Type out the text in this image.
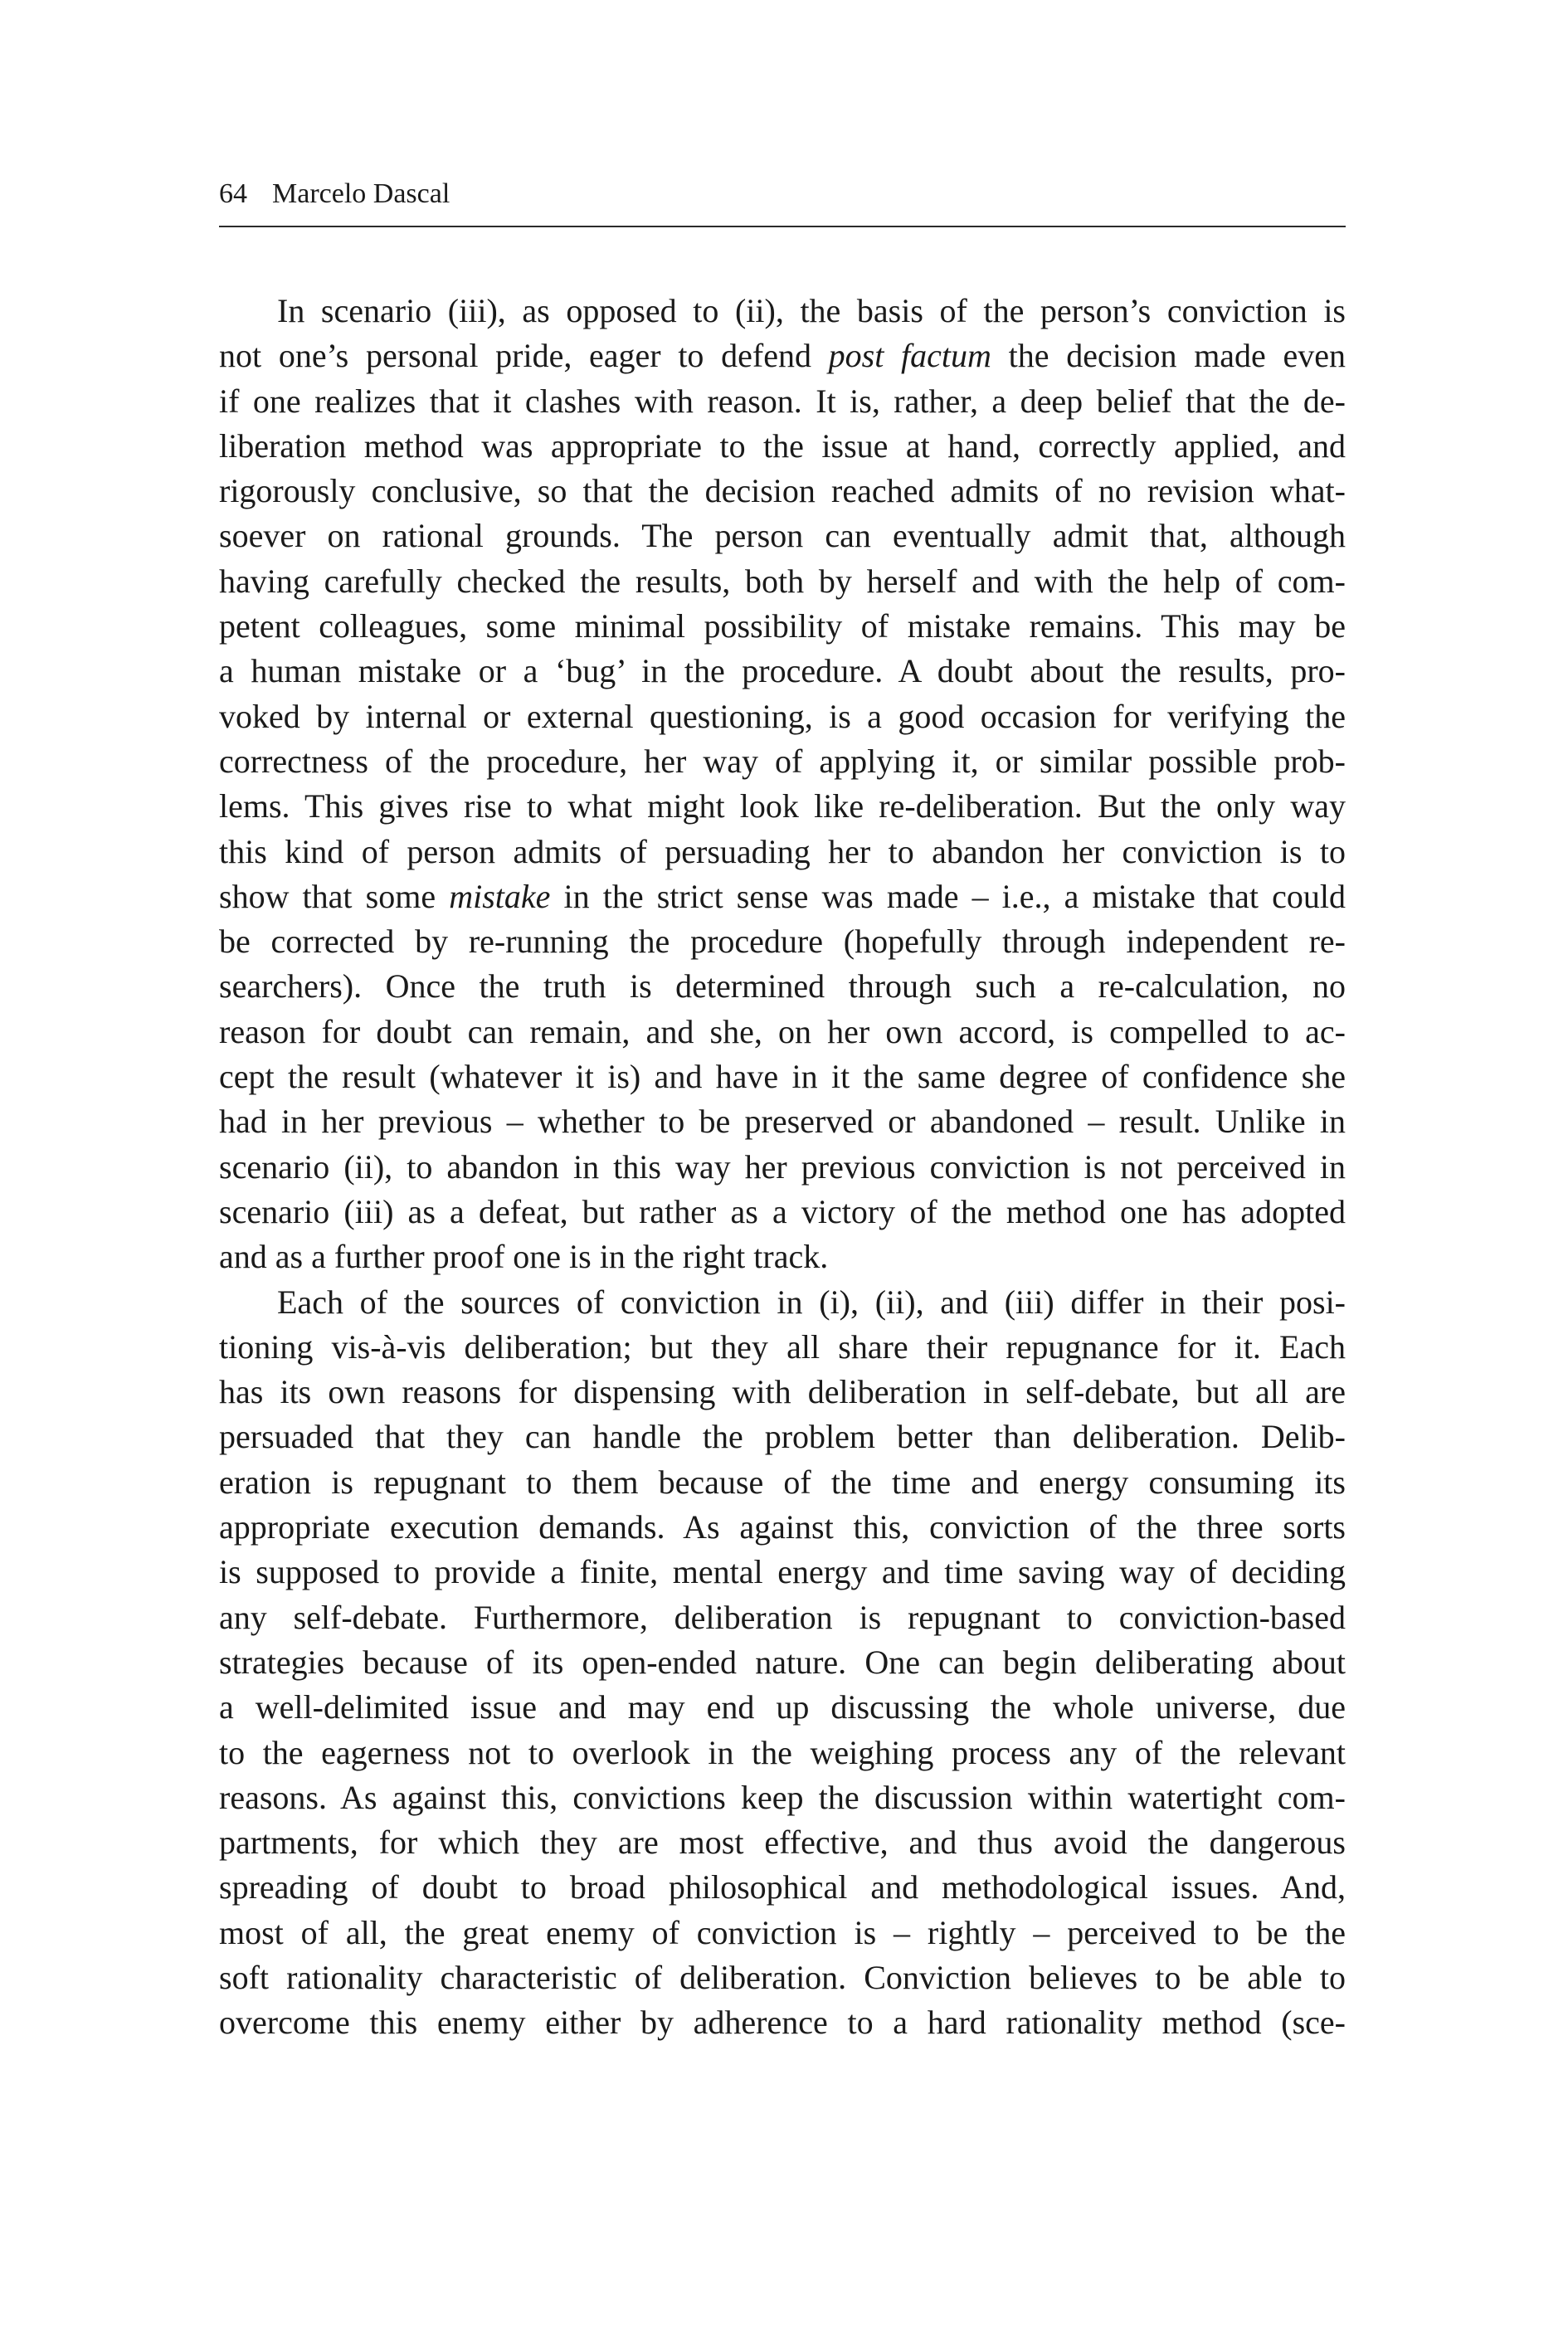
64 Marcelo Dascal
In scenario (iii), as opposed to (ii), the basis of the person’s conviction is
not one’s personal pride, eager to defend post factum the decision made even
if one realizes that it clashes with reason. It is, rather, a deep belief that the de-
liberation method was appropriate to the issue at hand, correctly applied, and
rigorously conclusive, so that the decision reached admits of no revision what-
soever on rational grounds. The person can eventually admit that, although
having carefully checked the results, both by herself and with the help of com-
petent colleagues, some minimal possibility of mistake remains. This may be
a human mistake or a ‘bug’ in the procedure. A doubt about the results, pro-
voked by internal or external questioning, is a good occasion for verifying the
correctness of the procedure, her way of applying it, or similar possible prob-
lems. This gives rise to what might look like re-deliberation. But the only way
this kind of person admits of persuading her to abandon her conviction is to
show that some mistake in the strict sense was made – i.e., a mistake that could
be corrected by re-running the procedure (hopefully through independent re-
searchers). Once the truth is determined through such a re-calculation, no
reason for doubt can remain, and she, on her own accord, is compelled to ac-
cept the result (whatever it is) and have in it the same degree of confidence she
had in her previous – whether to be preserved or abandoned – result. Unlike in
scenario (ii), to abandon in this way her previous conviction is not perceived in
scenario (iii) as a defeat, but rather as a victory of the method one has adopted
and as a further proof one is in the right track.
Each of the sources of conviction in (i), (ii), and (iii) differ in their posi-
tioning vis-à-vis deliberation; but they all share their repugnance for it. Each
has its own reasons for dispensing with deliberation in self-debate, but all are
persuaded that they can handle the problem better than deliberation. Delib-
eration is repugnant to them because of the time and energy consuming its
appropriate execution demands. As against this, conviction of the three sorts
is supposed to provide a finite, mental energy and time saving way of deciding
any self-debate. Furthermore, deliberation is repugnant to conviction-based
strategies because of its open-ended nature. One can begin deliberating about
a well-delimited issue and may end up discussing the whole universe, due
to the eagerness not to overlook in the weighing process any of the relevant
reasons. As against this, convictions keep the discussion within watertight com-
partments, for which they are most effective, and thus avoid the dangerous
spreading of doubt to broad philosophical and methodological issues. And,
most of all, the great enemy of conviction is – rightly – perceived to be the
soft rationality characteristic of deliberation. Conviction believes to be able to
overcome this enemy either by adherence to a hard rationality method (sce-
